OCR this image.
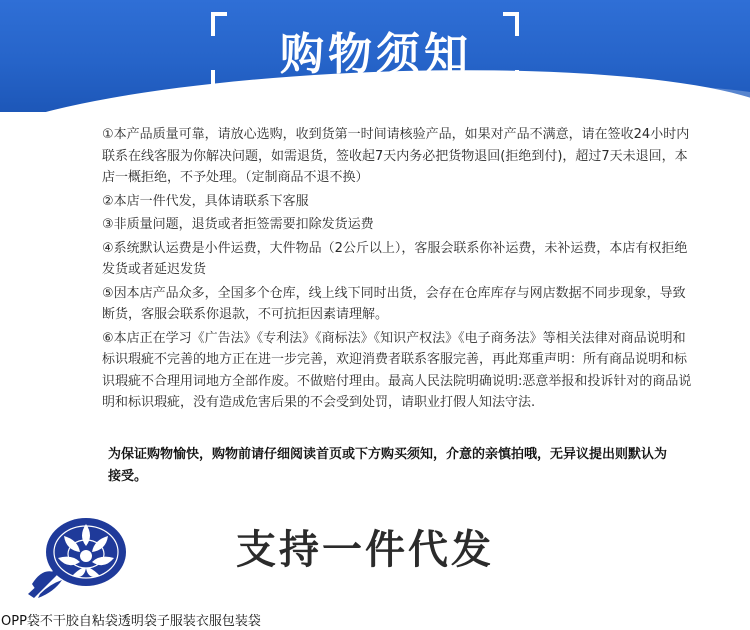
购物须知
shopping Gudielines

①本产品质量可靠，请放心选购，收到货第一时间请核验产品，如果对产品不满意，请在签收24小时内联系在线客服为你解决问题，如需退货，签收起7天内务必把货物退回(拒绝到付)，超过7天未退回，本店一概拒绝，不予处理。（定制商品不退不换）

②本店一件代发，具体请联系下客服

③非质量问题，退货或者拒签需要扣除发货运费

④系统默认运费是小件运费，大件物品（2公斤以上），客服会联系你补运费，未补运费，本店有权拒绝发货或者延迟发货

⑤因本店产品众多，全国多个仓库，线上线下同时出货，会存在仓库库存与网店数据不同步现象，导致断货，客服会联系你退款，不可抗拒因素请理解。

⑥本店正在学习《广告法》《专利法》《商标法》《知识产权法》《电子商务法》等相关法律对商品说明和标识瑕疵不完善的地方正在进一步完善，欢迎消费者联系客服完善，再此郑重声明：所有商品说明和标识瑕疵不合理用词地方全部作废。不做赔付理由。最高人民法院明确说明:恶意举报和投诉针对的商品说明和标识瑕疵，没有造成危害后果的不会受到处罚，请职业打假人知法守法.

为保证购物愉快，购物前请仔细阅读首页或下方购买须知，介意的亲慎拍哦，无异议提出则默认为接受。
支持一件代发
OPP袋不干胶自粘袋透明袋子服装衣服包装袋
